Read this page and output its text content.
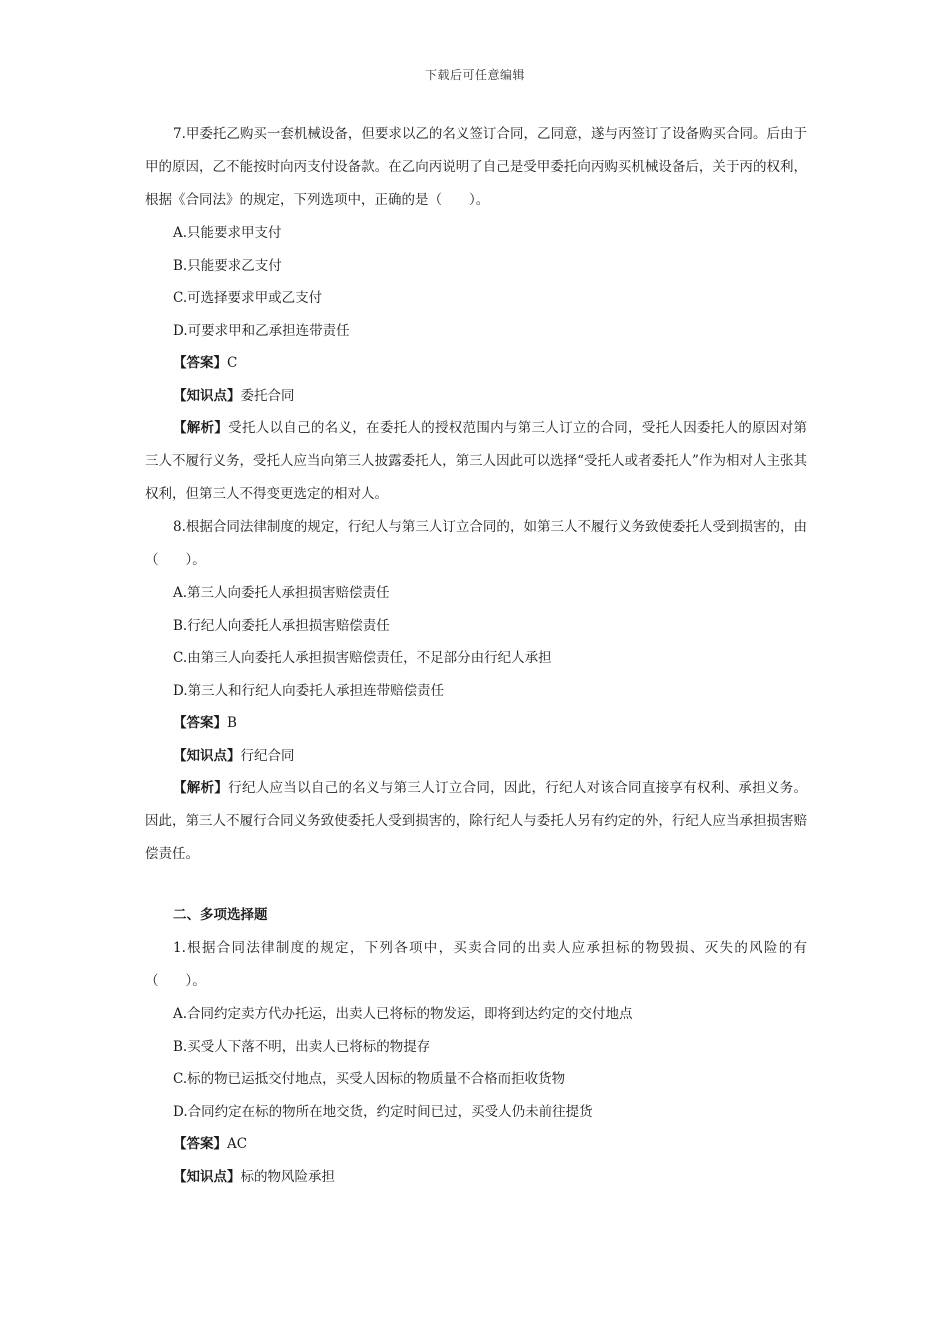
下载后可任意编辑

7.甲委托乙购买一套机械设备，但要求以乙的名义签订合同，乙同意，遂与丙签订了设备购买合同。后由于甲的原因，乙不能按时向丙支付设备款。在乙向丙说明了自己是受甲委托向丙购买机械设备后，关于丙的权利，根据《合同法》的规定，下列选项中，正确的是（　　）。

A.只能要求甲支付

B.只能要求乙支付

C.可选择要求甲或乙支付

D.可要求甲和乙承担连带责任

【答案】C

【知识点】委托合同

【解析】受托人以自己的名义，在委托人的授权范围内与第三人订立的合同，受托人因委托人的原因对第三人不履行义务，受托人应当向第三人披露委托人，第三人因此可以选择“受托人或者委托人”作为相对人主张其权利，但第三人不得变更选定的相对人。

8.根据合同法律制度的规定，行纪人与第三人订立合同的，如第三人不履行义务致使委托人受到损害的，由（　　）。

A.第三人向委托人承担损害赔偿责任

B.行纪人向委托人承担损害赔偿责任

C.由第三人向委托人承担损害赔偿责任，不足部分由行纪人承担

D.第三人和行纪人向委托人承担连带赔偿责任

【答案】B

【知识点】行纪合同

【解析】行纪人应当以自己的名义与第三人订立合同，因此，行纪人对该合同直接享有权利、承担义务。因此，第三人不履行合同义务致使委托人受到损害的，除行纪人与委托人另有约定的外，行纪人应当承担损害赔偿责任。

二、多项选择题

1.根据合同法律制度的规定，下列各项中，买卖合同的出卖人应承担标的物毁损、灭失的风险的有（　　）。

A.合同约定卖方代办托运，出卖人已将标的物发运，即将到达约定的交付地点

B.买受人下落不明，出卖人已将标的物提存

C.标的物已运抵交付地点，买受人因标的物质量不合格而拒收货物

D.合同约定在标的物所在地交货，约定时间已过，买受人仍未前往提货

【答案】AC

【知识点】标的物风险承担
